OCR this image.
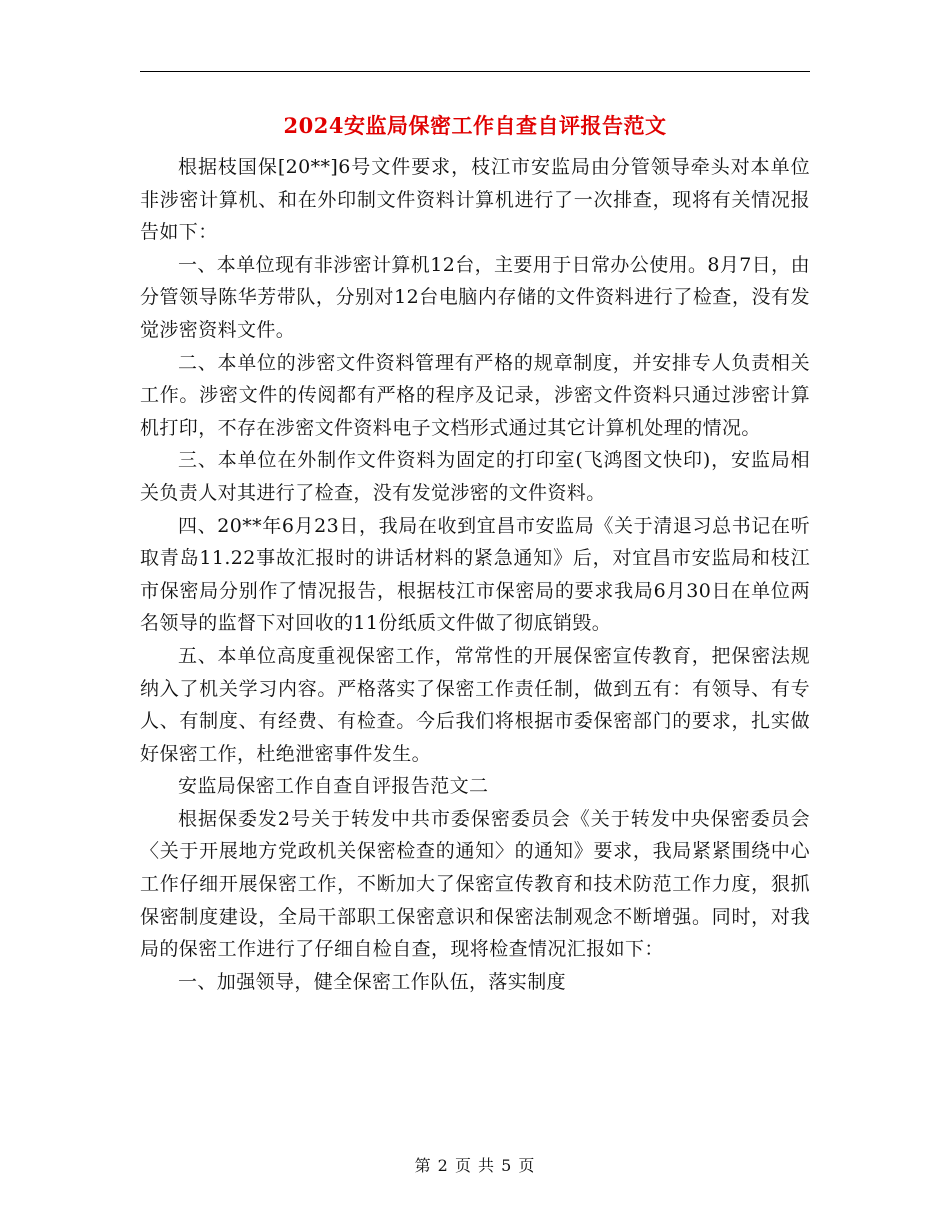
2024安监局保密工作自查自评报告范文

根据枝国保[20**]6号文件要求，枝江市安监局由分管领导牵头对本单位非涉密计算机、和在外印制文件资料计算机进行了一次排查，现将有关情况报告如下：

一、本单位现有非涉密计算机12台，主要用于日常办公使用。8月7日，由分管领导陈华芳带队，分别对12台电脑内存储的文件资料进行了检查，没有发觉涉密资料文件。

二、本单位的涉密文件资料管理有严格的规章制度，并安排专人负责相关工作。涉密文件的传阅都有严格的程序及记录，涉密文件资料只通过涉密计算机打印，不存在涉密文件资料电子文档形式通过其它计算机处理的情况。

三、本单位在外制作文件资料为固定的打印室(飞鸿图文快印)，安监局相关负责人对其进行了检查，没有发觉涉密的文件资料。

四、20**年6月23日，我局在收到宜昌市安监局《关于清退习总书记在听取青岛11.22事故汇报时的讲话材料的紧急通知》后，对宜昌市安监局和枝江市保密局分别作了情况报告，根据枝江市保密局的要求我局6月30日在单位两名领导的监督下对回收的11份纸质文件做了彻底销毁。

五、本单位高度重视保密工作，常常性的开展保密宣传教育，把保密法规纳入了机关学习内容。严格落实了保密工作责任制，做到五有：有领导、有专人、有制度、有经费、有检查。今后我们将根据市委保密部门的要求，扎实做好保密工作，杜绝泄密事件发生。

安监局保密工作自查自评报告范文二

根据保委发2号关于转发中共市委保密委员会《关于转发中央保密委员会〈关于开展地方党政机关保密检查的通知〉的通知》要求，我局紧紧围绕中心工作仔细开展保密工作，不断加大了保密宣传教育和技术防范工作力度，狠抓保密制度建设，全局干部职工保密意识和保密法制观念不断增强。同时，对我局的保密工作进行了仔细自检自查，现将检查情况汇报如下：

一、加强领导，健全保密工作队伍，落实制度

第 2 页 共 5 页
